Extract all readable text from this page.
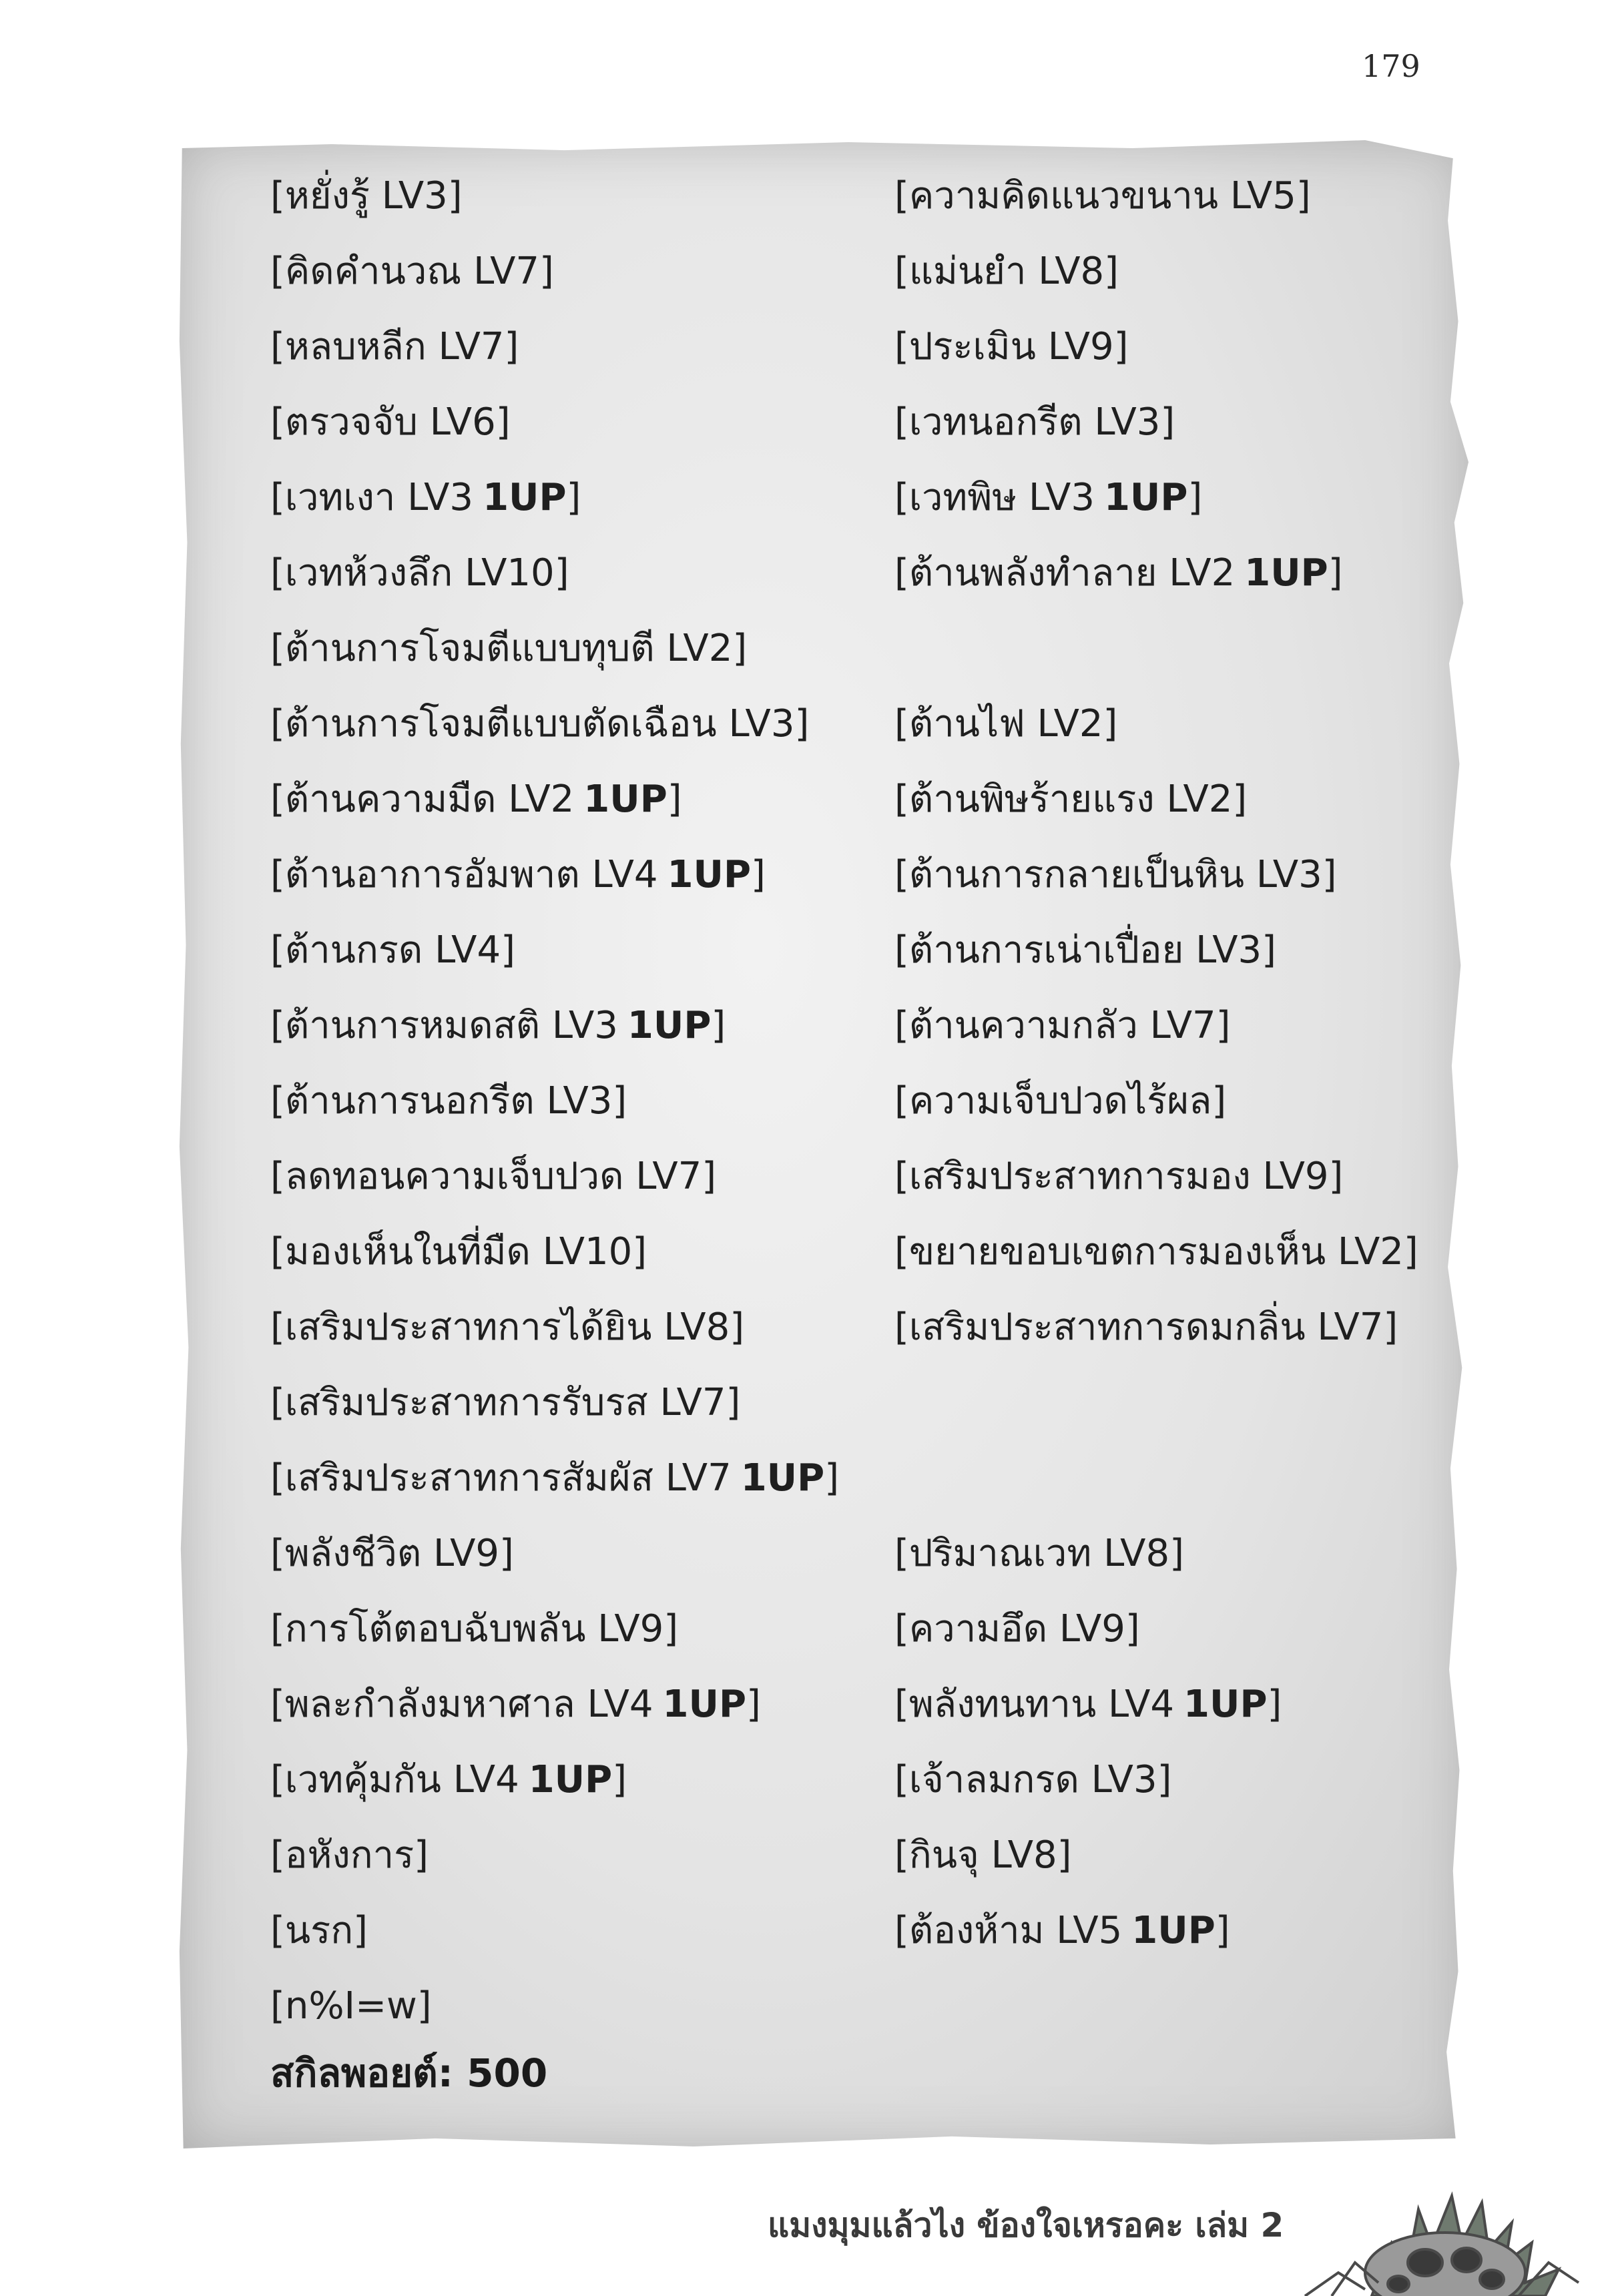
179
[หยั่งรู้ LV3]	[ความคิดแนวขนาน LV5]
[คิดคำนวณ LV7]	[แม่นยำ LV8]
[หลบหลีก LV7]	[ประเมิน LV9]
[ตรวจจับ LV6]	[เวทนอกรีต LV3]
[เวทเงา LV3 1UP]	[เวทพิษ LV3 1UP]
[เวทห้วงลึก LV10]	[ต้านพลังทำลาย LV2 1UP]
[ต้านการโจมตีแบบทุบตี LV2]
[ต้านการโจมตีแบบตัดเฉือน LV3] [ต้านไฟ LV2]
[ต้านความมืด LV2 1UP]	[ต้านพิษร้ายแรง LV2]
[ต้านอาการอัมพาต LV4 1UP]	[ต้านการกลายเป็นหิน LV3]
[ต้านกรด LV4]	[ต้านการเน่าเปื่อย LV3]
[ต้านการหมดสติ LV3 1UP]	[ต้านความกลัว LV7]
[ต้านการนอกรีต LV3]	[ความเจ็บปวดไร้ผล]
[ลดทอนความเจ็บปวด LV7]	[เสริมประสาทการมอง LV9]
[มองเห็นในที่มืด LV10]	[ขยายขอบเขตการมองเห็น LV2]
[เสริมประสาทการได้ยิน LV8]	[เสริมประสาทการดมกลิ่น LV7]
[เสริมประสาทการรับรส LV7]
[เสริมประสาทการสัมผัส LV7 1UP]
[พลังชีวิต LV9]	[ปริมาณเวท LV8]
[การโต้ตอบฉับพลัน LV9]	[ความอึด LV9]
[พละกำลังมหาศาล LV4 1UP]	[พลังทนทาน LV4 1UP]
[เวทคุ้มกัน LV4 1UP]	[เจ้าลมกรด LV3]
[อหังการ]	[กินจุ LV8]
[นรก]	[ต้องห้าม LV5 1UP]
[n%I=w]
สกิลพอยต์: 500
แมงมุมแล้วไง ข้องใจเหรอคะ เล่ม 2
